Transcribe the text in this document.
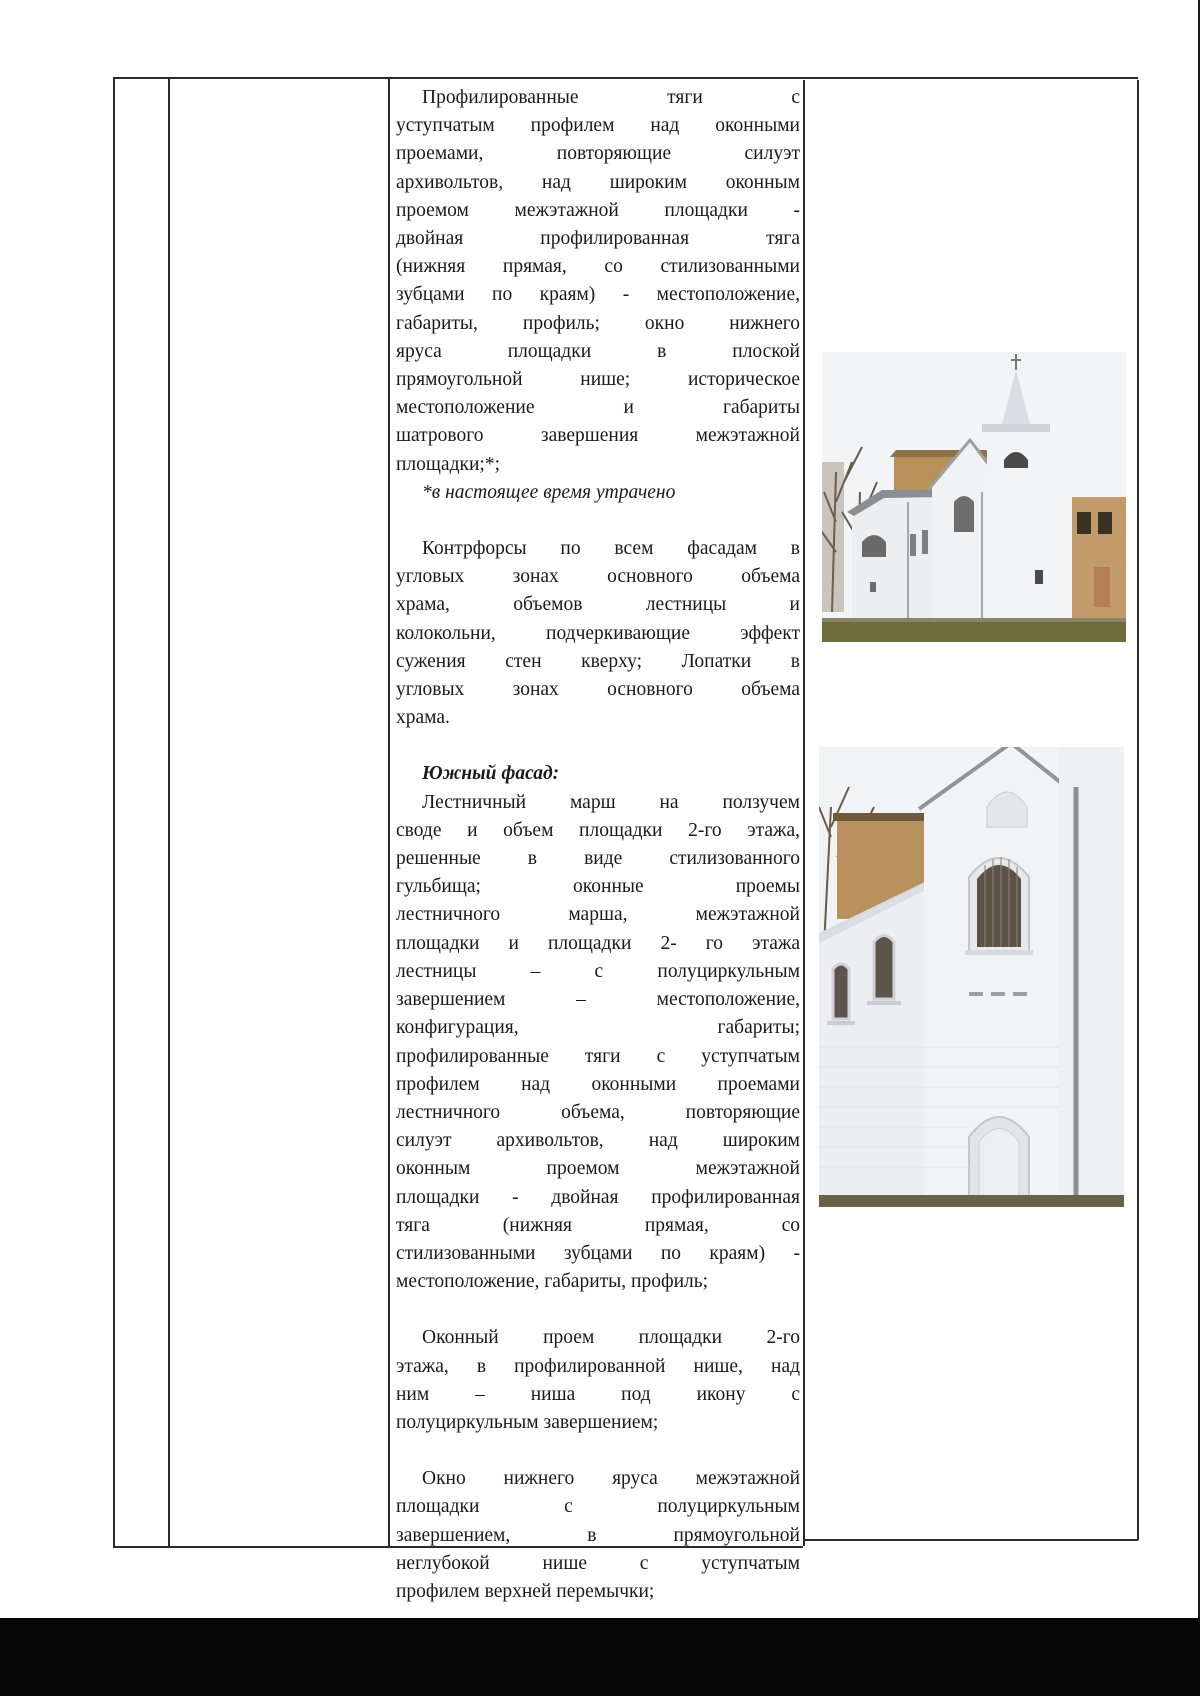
Профилированные тяги с
уступчатым профилем над оконными
проемами, повторяющие силуэт
архивольтов, над широким оконным
проемом межэтажной площадки -
двойная профилированная тяга
(нижняя прямая, со стилизованными
зубцами по краям) - местоположение,
габариты, профиль; окно нижнего
яруса площадки в плоской
прямоугольной нише; историческое
местоположение и габариты
шатрового завершения межэтажной
площадки;*;
*в настоящее время утрачено
Контрфорсы по всем фасадам в
угловых зонах основного объема
храма, объемов лестницы и
колокольни, подчеркивающие эффект
сужения стен кверху; Лопатки в
угловых зонах основного объема
храма.
Южный фасад:
Лестничный марш на ползучем
своде и объем площадки 2-го этажа,
решенные в виде стилизованного
гульбища; оконные проемы
лестничного марша, межэтажной
площадки и площадки 2- го этажа
лестницы – с полуциркульным
завершением – местоположение,
конфигурация, габариты;
профилированные тяги с уступчатым
профилем над оконными проемами
лестничного объема, повторяющие
силуэт архивольтов, над широким
оконным проемом межэтажной
площадки - двойная профилированная
тяга (нижняя прямая, со
стилизованными зубцами по краям) -
местоположение, габариты, профиль;
Оконный проем площадки 2-го
этажа, в профилированной нише, над
ним – ниша под икону с
полуциркульным завершением;
Окно нижнего яруса межэтажной
площадки с полуциркульным
завершением, в прямоугольной
неглубокой нише с уступчатым
профилем верхней перемычки;
